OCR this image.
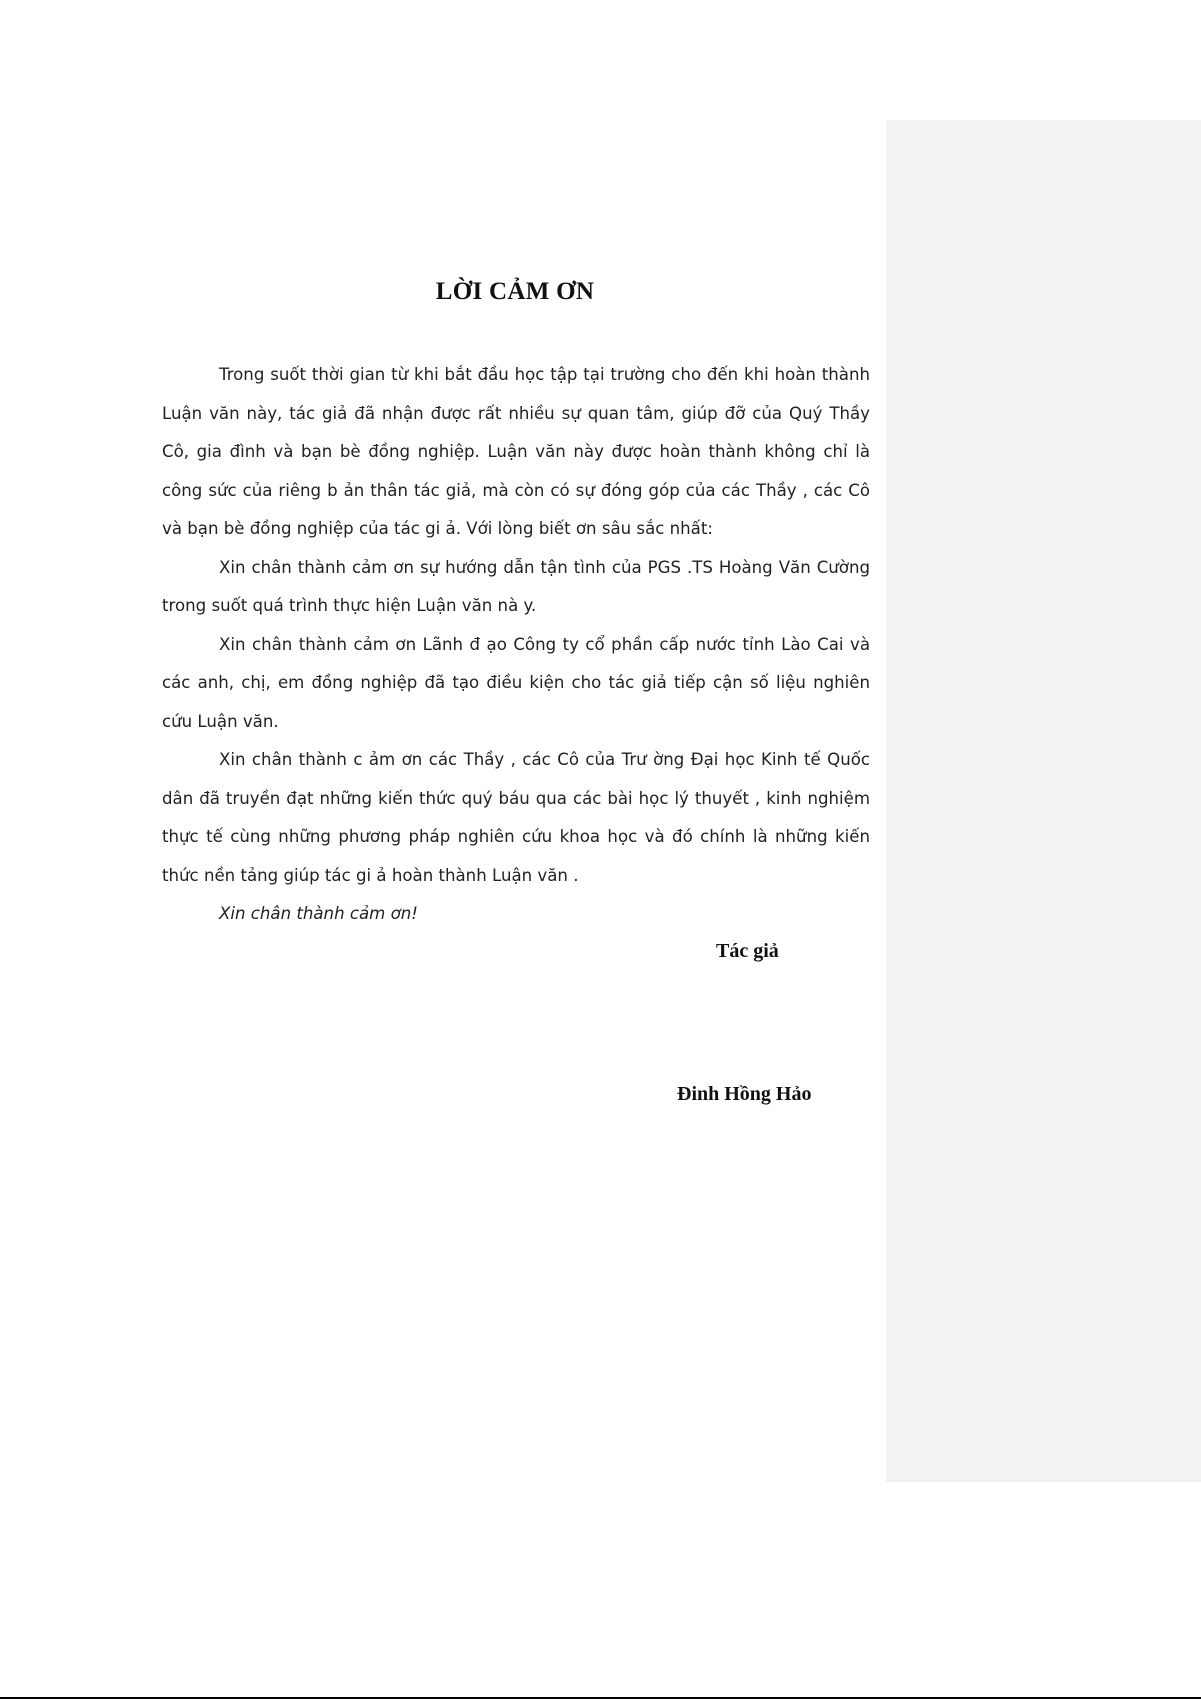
LỜI CẢM ƠN

Trong suốt thời gian từ khi bắt đầu học tập tại trường cho đến khi hoàn thành Luận văn này, tác giả đã nhận được rất nhiều sự quan tâm, giúp đỡ của Quý Thầy Cô, gia đình và bạn bè đồng nghiệp. Luận văn này được hoàn thành không chỉ là công sức của riêng b ản thân tác giả, mà còn có sự đóng góp của các Thầy , các Cô và bạn bè đồng nghiệp của tác gi ả. Với lòng biết ơn sâu sắc nhất:

Xin chân thành cảm ơn sự hướng dẫn tận tình của PGS .TS Hoàng Văn Cường trong suốt quá trình thực hiện Luận văn nà y.

Xin chân thành cảm ơn Lãnh đ ạo Công ty cổ phần cấp nước tỉnh Lào Cai và các anh, chị, em đồng nghiệp đã tạo điều kiện cho tác giả tiếp cận số liệu nghiên cứu Luận văn.

Xin chân thành c ảm ơn các Thầy , các Cô của Trư ờng Đại học Kinh tế Quốc dân đã truyền đạt những kiến thức quý báu qua các bài học lý thuyết , kinh nghiệm thực tế cùng những phương pháp nghiên cứu khoa học và đó chính là những kiến thức nền tảng giúp tác gi ả hoàn thành Luận văn .

Xin chân thành cảm ơn!

Tác giả

Đinh Hồng Hảo
